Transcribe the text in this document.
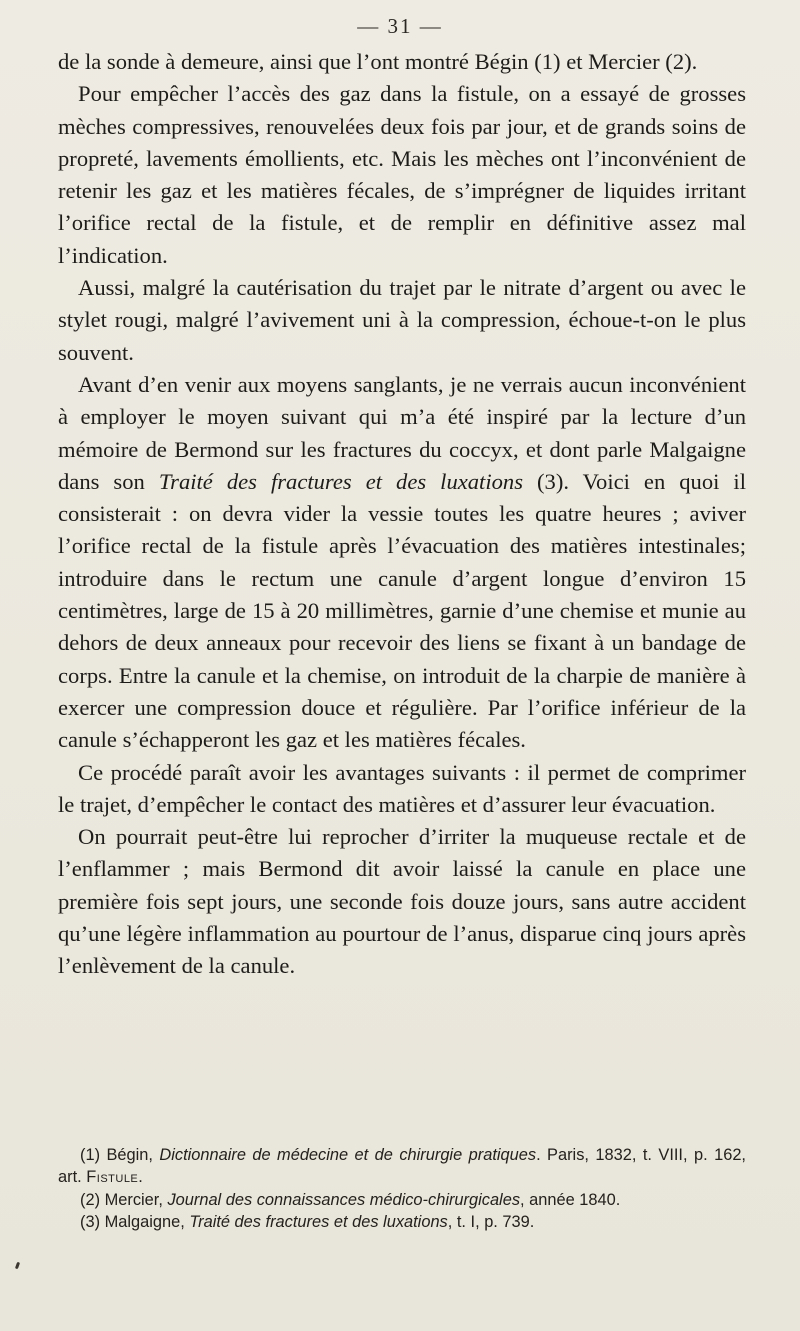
— 31 —

de la sonde à demeure, ainsi que l’ont montré Bégin (1) et Mercier (2).

Pour empêcher l’accès des gaz dans la fistule, on a essayé de grosses mèches compressives, renouvelées deux fois par jour, et de grands soins de propreté, lavements émollients, etc. Mais les mèches ont l’inconvénient de retenir les gaz et les matières fécales, de s’imprégner de liquides irritant l’orifice rectal de la fistule, et de remplir en définitive assez mal l’indication.

Aussi, malgré la cautérisation du trajet par le nitrate d’argent ou avec le stylet rougi, malgré l’avivement uni à la compression, échoue-t-on le plus souvent.

Avant d’en venir aux moyens sanglants, je ne verrais aucun inconvénient à employer le moyen suivant qui m’a été inspiré par la lecture d’un mémoire de Bermond sur les fractures du coccyx, et dont parle Malgaigne dans son Traité des fractures et des luxations (3). Voici en quoi il consisterait : on devra vider la vessie toutes les quatre heures ; aviver l’orifice rectal de la fistule après l’évacuation des matières intestinales; introduire dans le rectum une canule d’argent longue d’environ 15 centimètres, large de 15 à 20 millimètres, garnie d’une chemise et munie au dehors de deux anneaux pour recevoir des liens se fixant à un bandage de corps. Entre la canule et la chemise, on introduit de la charpie de manière à exercer une compression douce et régulière. Par l’orifice inférieur de la canule s’échapperont les gaz et les matières fécales.

Ce procédé paraît avoir les avantages suivants : il permet de comprimer le trajet, d’empêcher le contact des matières et d’assurer leur évacuation.

On pourrait peut-être lui reprocher d’irriter la muqueuse rectale et de l’enflammer ; mais Bermond dit avoir laissé la canule en place une première fois sept jours, une seconde fois douze jours, sans autre accident qu’une légère inflammation au pourtour de l’anus, disparue cinq jours après l’enlèvement de la canule.

(1) Bégin, Dictionnaire de médecine et de chirurgie pratiques. Paris, 1832, t. VIII, p. 162, art. Fistule.

(2) Mercier, Journal des connaissances médico-chirurgicales, année 1840.

(3) Malgaigne, Traité des fractures et des luxations, t. I, p. 739.
